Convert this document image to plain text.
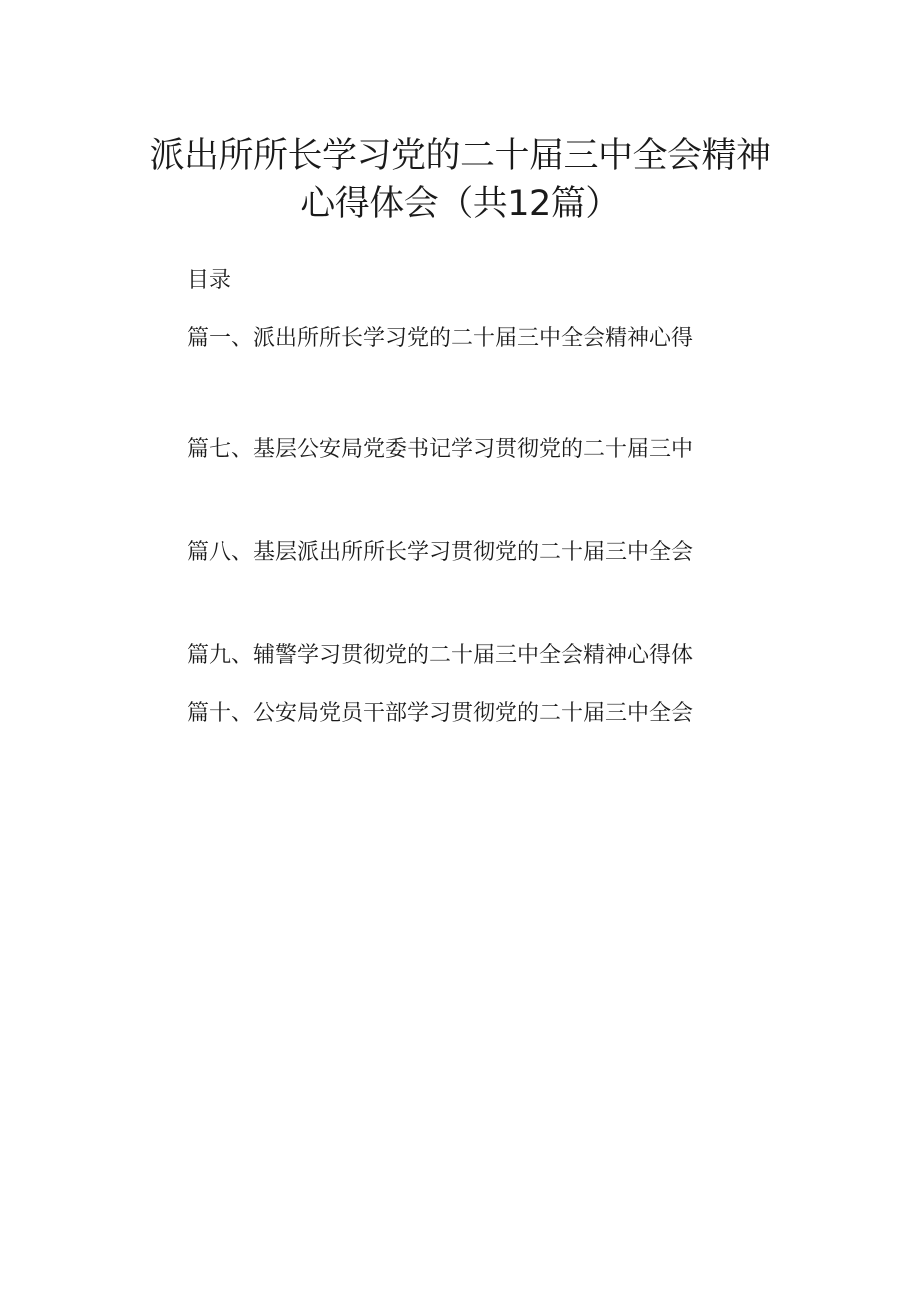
派出所所长学习党的二十届三中全会精神
心得体会（共12篇）
目录
篇一、派出所所长学习党的二十届三中全会精神心得
篇七、基层公安局党委书记学习贯彻党的二十届三中
篇八、基层派出所所长学习贯彻党的二十届三中全会
篇九、辅警学习贯彻党的二十届三中全会精神心得体
篇十、公安局党员干部学习贯彻党的二十届三中全会
